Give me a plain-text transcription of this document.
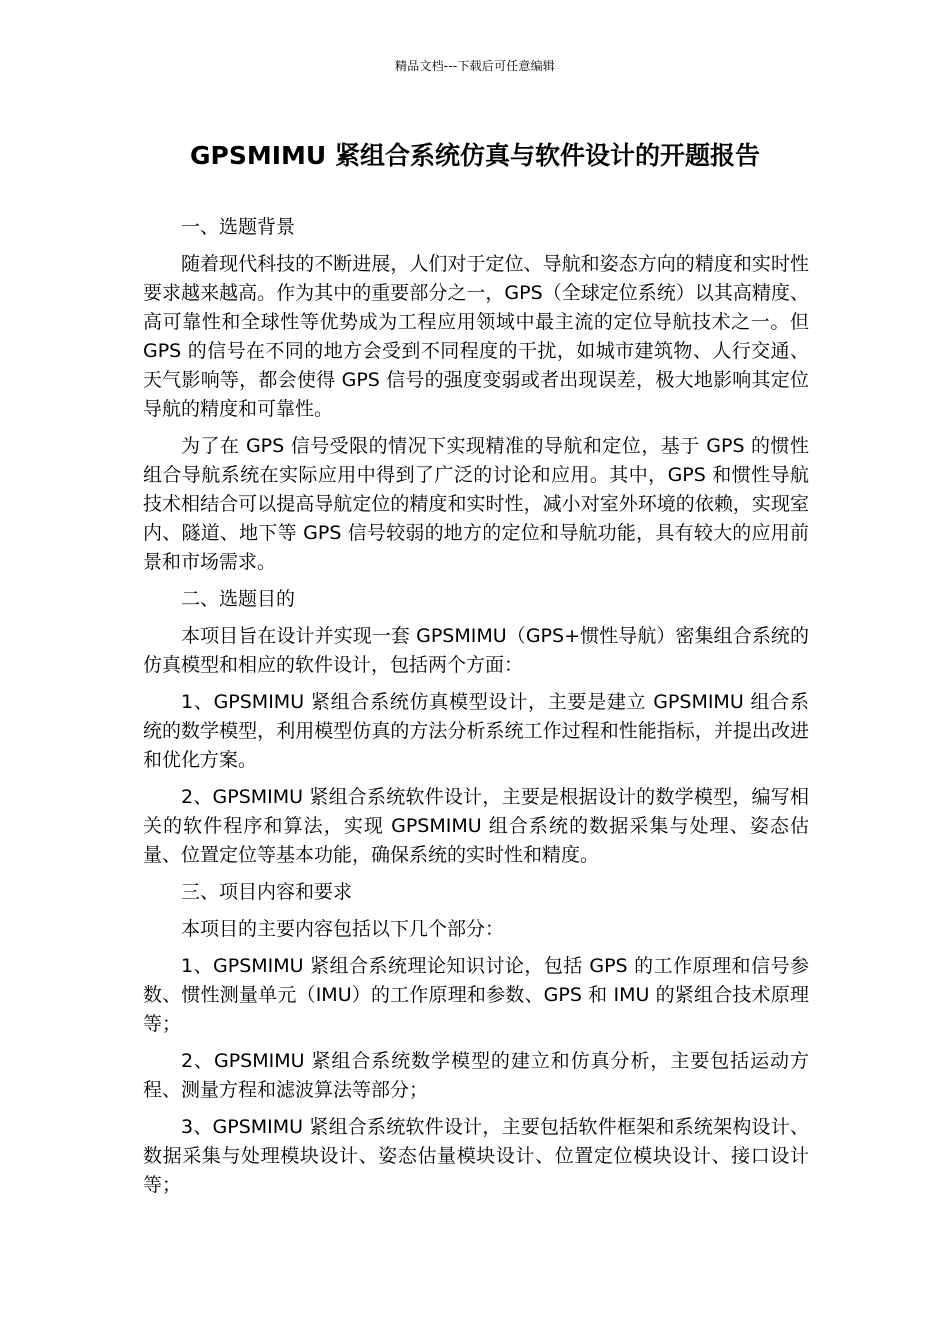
精品文档---下载后可任意编辑
GPSMIMU 紧组合系统仿真与软件设计的开题报告

一、选题背景

随着现代科技的不断进展，人们对于定位、导航和姿态方向的精度和实时性要求越来越高。作为其中的重要部分之一，GPS（全球定位系统）以其高精度、高可靠性和全球性等优势成为工程应用领域中最主流的定位导航技术之一。但 GPS 的信号在不同的地方会受到不同程度的干扰，如城市建筑物、人行交通、天气影响等，都会使得 GPS 信号的强度变弱或者出现误差，极大地影响其定位导航的精度和可靠性。

为了在 GPS 信号受限的情况下实现精准的导航和定位，基于 GPS 的惯性组合导航系统在实际应用中得到了广泛的讨论和应用。其中，GPS 和惯性导航技术相结合可以提高导航定位的精度和实时性，减小对室外环境的依赖，实现室内、隧道、地下等 GPS 信号较弱的地方的定位和导航功能，具有较大的应用前景和市场需求。

二、选题目的

本项目旨在设计并实现一套 GPSMIMU（GPS+惯性导航）密集组合系统的仿真模型和相应的软件设计，包括两个方面：

1、GPSMIMU 紧组合系统仿真模型设计，主要是建立 GPSMIMU 组合系统的数学模型，利用模型仿真的方法分析系统工作过程和性能指标，并提出改进和优化方案。

2、GPSMIMU 紧组合系统软件设计，主要是根据设计的数学模型，编写相关的软件程序和算法，实现 GPSMIMU 组合系统的数据采集与处理、姿态估量、位置定位等基本功能，确保系统的实时性和精度。

三、项目内容和要求

本项目的主要内容包括以下几个部分：

1、GPSMIMU 紧组合系统理论知识讨论，包括 GPS 的工作原理和信号参数、惯性测量单元（IMU）的工作原理和参数、GPS 和 IMU 的紧组合技术原理等；

2、GPSMIMU 紧组合系统数学模型的建立和仿真分析，主要包括运动方程、测量方程和滤波算法等部分；

3、GPSMIMU 紧组合系统软件设计，主要包括软件框架和系统架构设计、数据采集与处理模块设计、姿态估量模块设计、位置定位模块设计、接口设计等；
